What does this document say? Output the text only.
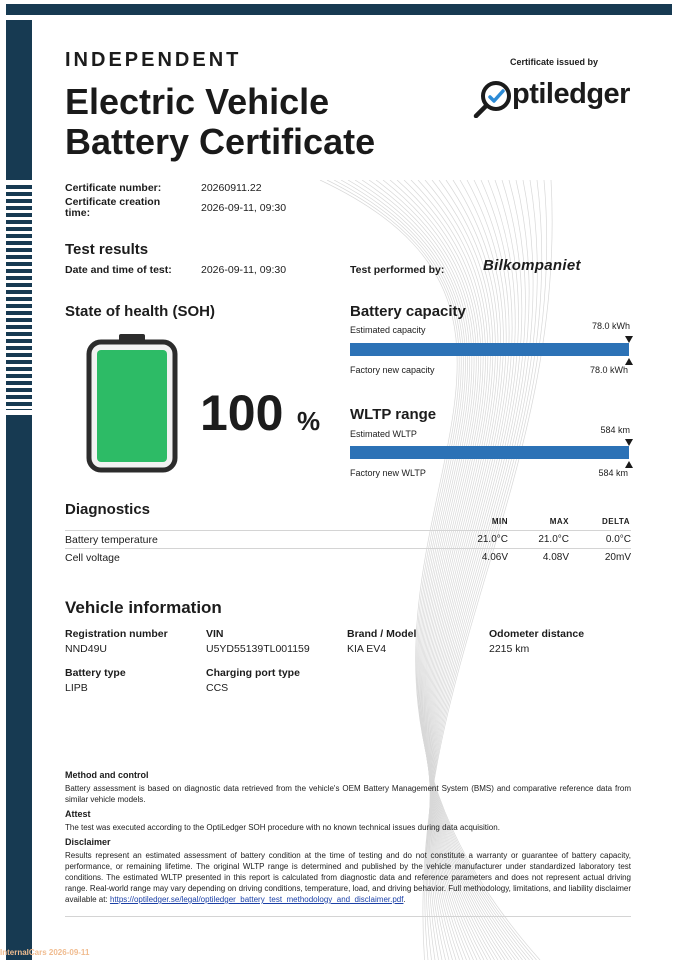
INDEPENDENT
Electric Vehicle
Battery Certificate
Certificate issued by
ptiledger
Certificate number:	20260911.22
Certificate creation time:	2026-09-11, 09:30
Test results
Date and time of test:	2026-09-11, 09:30	Test performed by:	Bilkompaniet
State of health (SOH)
100 %
Battery capacity
Estimated capacity	78.0 kWh
Factory new capacity	78.0 kWh
WLTP range
Estimated WLTP	584 km
Factory new WLTP	584 km
Diagnostics
MIN	MAX	DELTA
Battery temperature	21.0°C	21.0°C	0.0°C
Cell voltage	4.06V	4.08V	20mV
Vehicle information
Registration number
NND49U
VIN
U5YD55139TL001159
Brand / Model
KIA EV4
Odometer distance
2215 km
Battery type
LIPB
Charging port type
CCS
Method and control
Battery assessment is based on diagnostic data retrieved from the vehicle's OEM Battery Management System (BMS) and comparative reference data from similar vehicle models.
Attest
The test was executed according to the OptiLedger SOH procedure with no known technical issues during data acquisition.
Disclaimer
Results represent an estimated assessment of battery condition at the time of testing and do not constitute a warranty or guarantee of battery capacity, performance, or remaining lifetime. The original WLTP range is determined and published by the vehicle manufacturer under standardized laboratory test conditions. The estimated WLTP presented in this report is calculated from diagnostic data and reference parameters and does not represent actual driving range. Real-world range may vary depending on driving conditions, temperature, load, and driving behavior. Full methodology, limitations, and liability disclaimer available at: https://optiledger.se/legal/optiledger_battery_test_methodology_and_disclaimer.pdf.
InternalCars 2026-09-11
